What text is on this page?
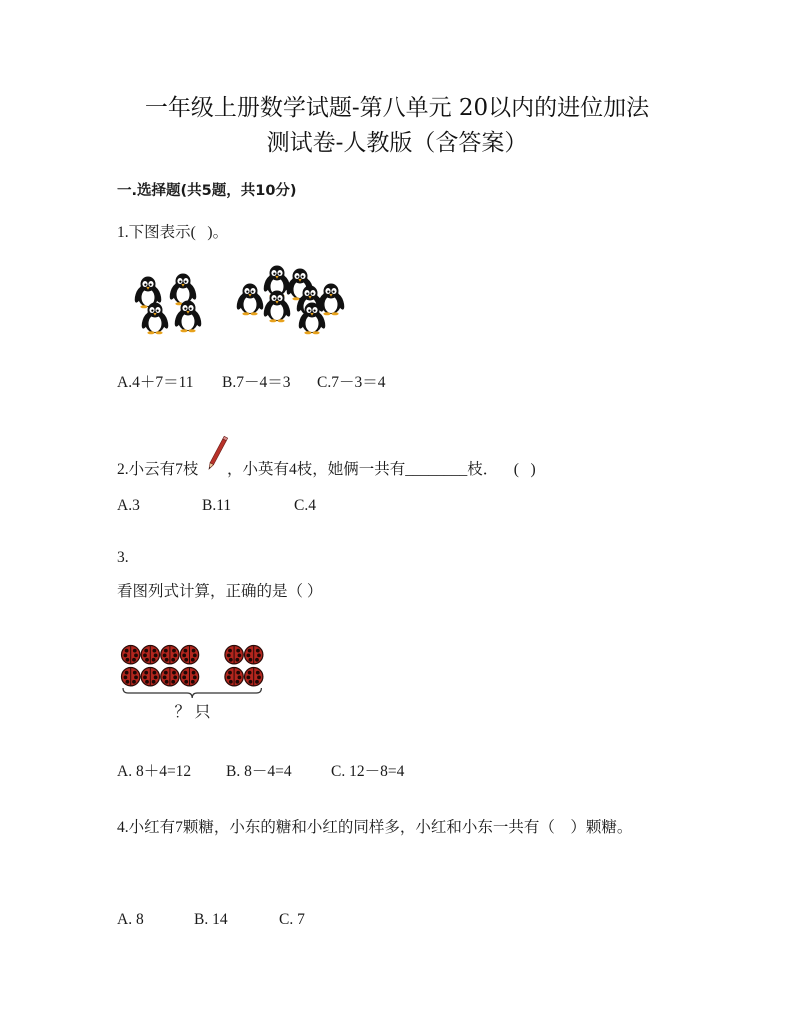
一年级上册数学试题-第八单元 20以内的进位加法
测试卷-人教版（含答案）
一.选择题(共5题，共10分)
1.下图表示(   )。
A.4＋7＝11 B.7－4＝3 C.7－3＝4
2.小云有7枝 ，小英有4枝，她俩一共有________枝．    (   )
A.3	B.11	C.4
3.
看图列式计算，正确的是（ ）
？ 只
A. 8＋4=12 B. 8－4=4	C. 12－8=4
4.小红有7颗糖，小东的糖和小红的同样多，小红和小东一共有（    ）颗糖。
A. 8	B. 14	C. 7
